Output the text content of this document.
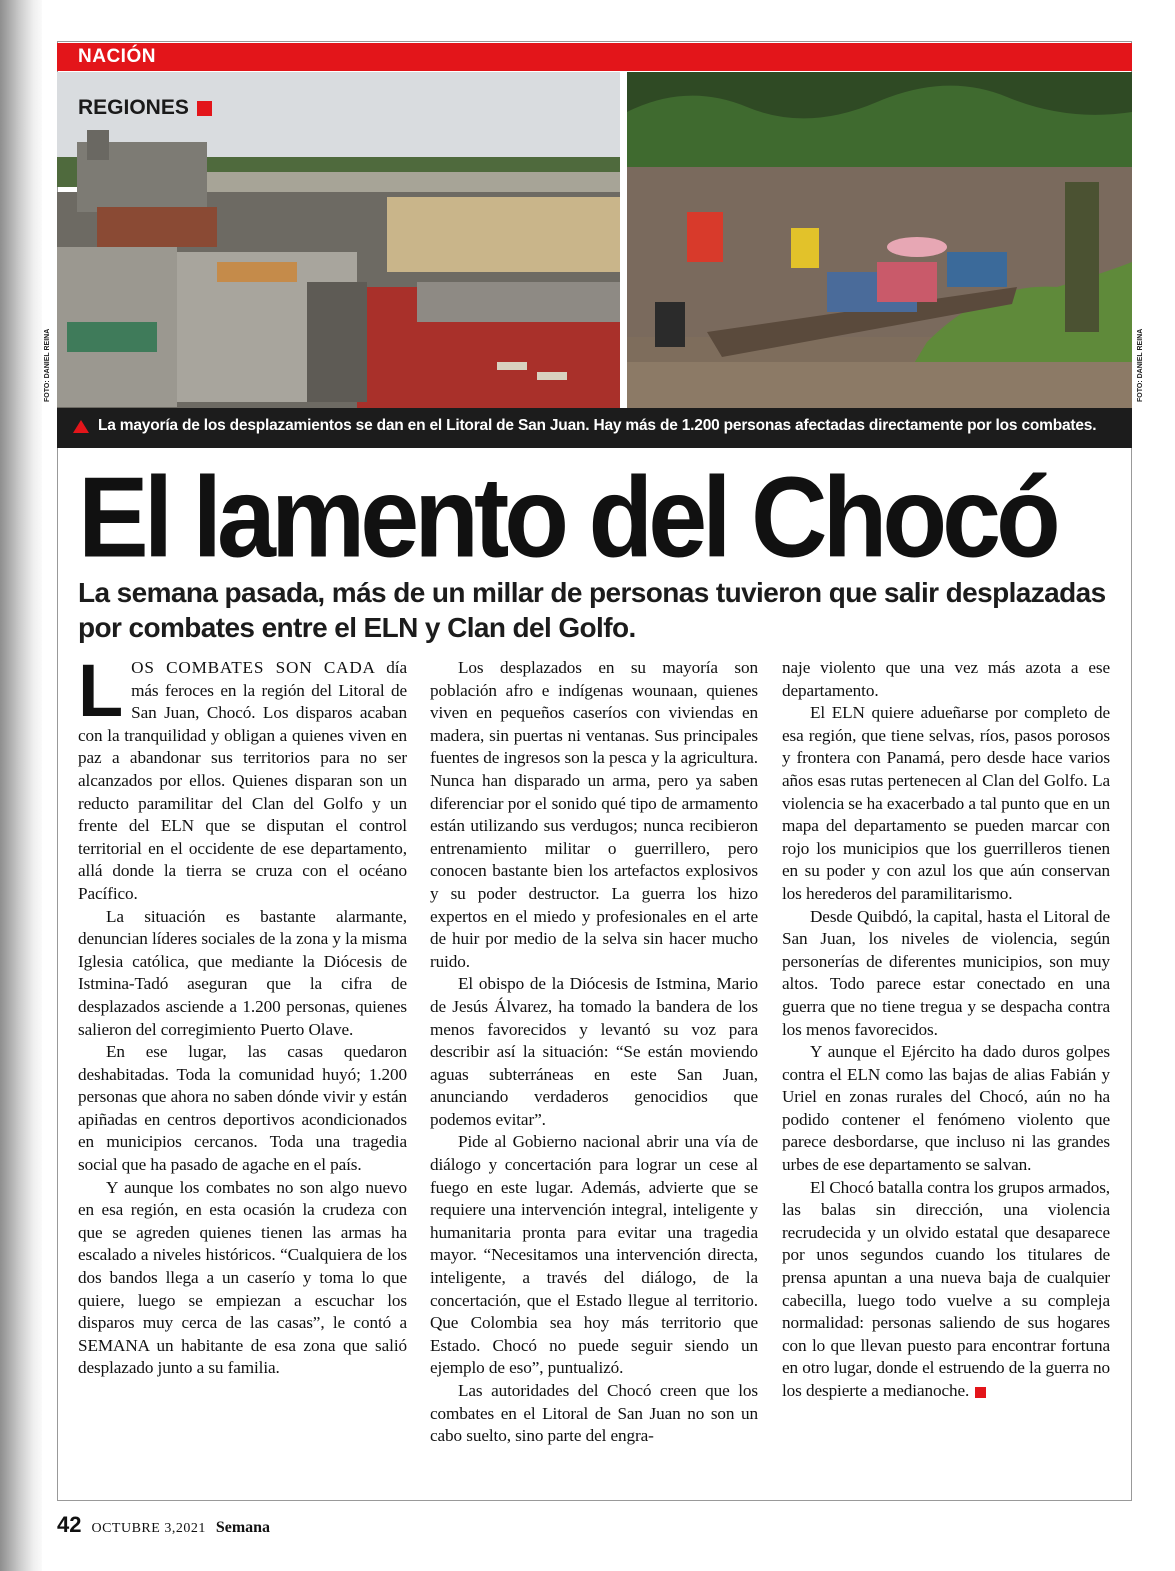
NACIÓN
REGIONES
FOTO: DANIEL REINA	FOTO: DANIEL REINA
La mayoría de los desplazamientos se dan en el Litoral de San Juan. Hay más de 1.200 personas afectadas directamente por los combates.
El lamento del Chocó
La semana pasada, más de un millar de personas tuvieron que salir desplazadas por combates entre el ELN y Clan del Golfo.

LOS COMBATES SON CADA día más feroces en la región del Litoral de San Juan, Chocó. Los disparos acaban con la tranquilidad y obligan a quienes viven en paz a abandonar sus territorios para no ser alcanzados por ellos. Quienes disparan son un reducto paramilitar del Clan del Golfo y un frente del ELN que se disputan el control territorial en el occidente de ese departamento, allá donde la tierra se cruza con el océano Pacífico.

La situación es bastante alarmante, denuncian líderes sociales de la zona y la misma Iglesia católica, que mediante la Diócesis de Istmina-Tadó aseguran que la cifra de desplazados asciende a 1.200 personas, quienes salieron del corregimiento Puerto Olave.

En ese lugar, las casas quedaron deshabitadas. Toda la comunidad huyó; 1.200 personas que ahora no saben dónde vivir y están apiñadas en centros deportivos acondicionados en municipios cercanos. Toda una tragedia social que ha pasado de agache en el país.

Y aunque los combates no son algo nuevo en esa región, en esta ocasión la crudeza con que se agreden quienes tienen las armas ha escalado a niveles históricos. “Cualquiera de los dos bandos llega a un caserío y toma lo que quiere, luego se empiezan a escuchar los disparos muy cerca de las casas”, le contó a SEMANA un habitante de esa zona que salió desplazado junto a su familia.

Los desplazados en su mayoría son población afro e indígenas wounaan, quienes viven en pequeños caseríos con viviendas en madera, sin puertas ni ventanas. Sus principales fuentes de ingresos son la pesca y la agricultura. Nunca han disparado un arma, pero ya saben diferenciar por el sonido qué tipo de armamento están utilizando sus verdugos; nunca recibieron entrenamiento militar o guerrillero, pero conocen bastante bien los artefactos explosivos y su poder destructor. La guerra los hizo expertos en el miedo y profesionales en el arte de huir por medio de la selva sin hacer mucho ruido.

El obispo de la Diócesis de Istmina, Mario de Jesús Álvarez, ha tomado la bandera de los menos favorecidos y levantó su voz para describir así la situación: “Se están moviendo aguas subterráneas en este San Juan, anunciando verdaderos genocidios que podemos evitar”.

Pide al Gobierno nacional abrir una vía de diálogo y concertación para lograr un cese al fuego en este lugar. Además, advierte que se requiere una intervención integral, inteligente y humanitaria pronta para evitar una tragedia mayor. “Necesitamos una intervención directa, inteligente, a través del diálogo, de la concertación, que el Estado llegue al territorio. Que Colombia sea hoy más territorio que Estado. Chocó no puede seguir siendo un ejemplo de eso”, puntualizó.

Las autoridades del Chocó creen que los combates en el Litoral de San Juan no son un cabo suelto, sino parte del engra-

naje violento que una vez más azota a ese departamento.

El ELN quiere adueñarse por completo de esa región, que tiene selvas, ríos, pasos porosos y frontera con Panamá, pero desde hace varios años esas rutas pertenecen al Clan del Golfo. La violencia se ha exacerbado a tal punto que en un mapa del departamento se pueden marcar con rojo los municipios que los guerrilleros tienen en su poder y con azul los que aún conservan los herederos del paramilitarismo.

Desde Quibdó, la capital, hasta el Litoral de San Juan, los niveles de violencia, según personerías de diferentes municipios, son muy altos. Todo parece estar conectado en una guerra que no tiene tregua y se despacha contra los menos favorecidos.

Y aunque el Ejército ha dado duros golpes contra el ELN como las bajas de alias Fabián y Uriel en zonas rurales del Chocó, aún no ha podido contener el fenómeno violento que parece desbordarse, que incluso ni las grandes urbes de ese departamento se salvan.

El Chocó batalla contra los grupos armados, las balas sin dirección, una violencia recrudecida y un olvido estatal que desaparece por unos segundos cuando los titulares de prensa apuntan a una nueva baja de cualquier cabecilla, luego todo vuelve a su compleja normalidad: personas saliendo de sus hogares con lo que llevan puesto para encontrar fortuna en otro lugar, donde el estruendo de la guerra no los despierte a medianoche.

42 OCTUBRE 3,2021 Semana
